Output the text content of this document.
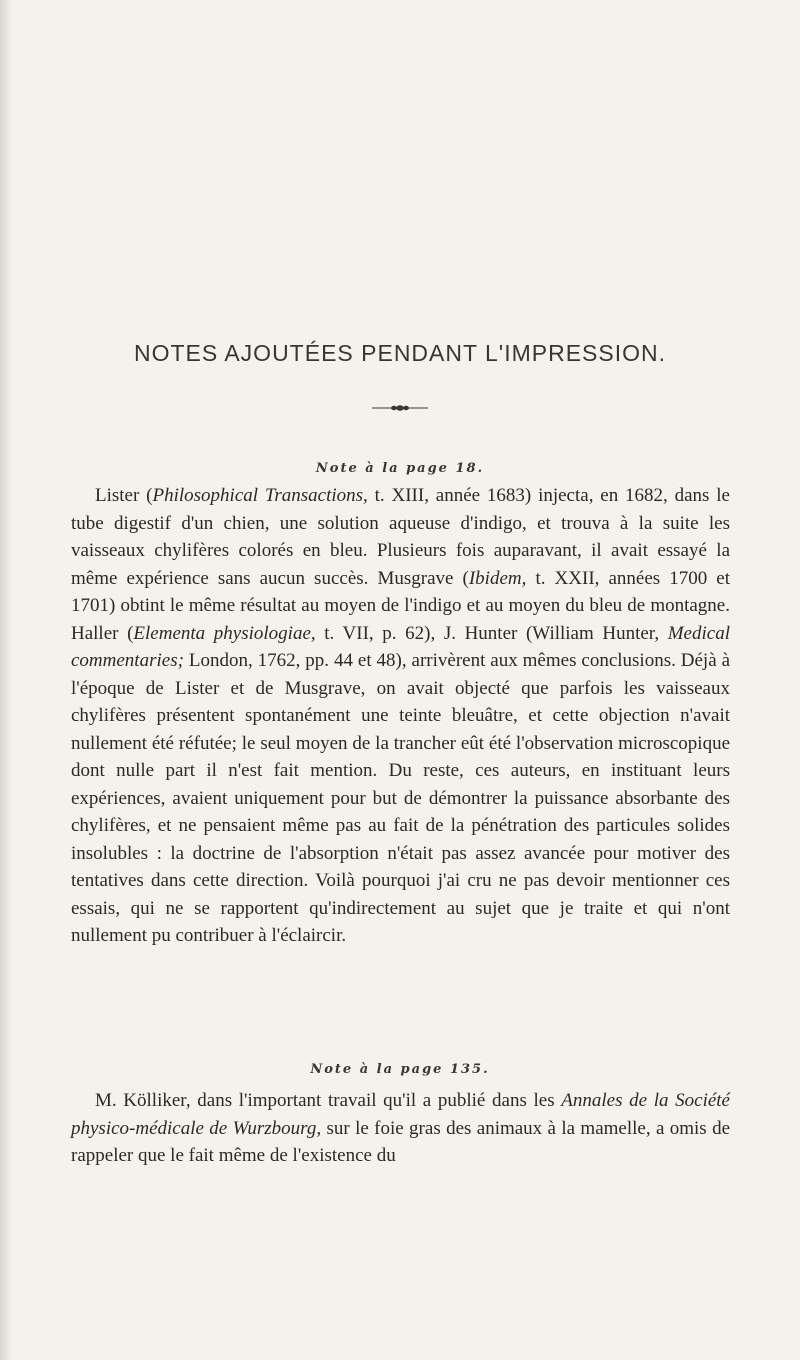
NOTES AJOUTÉES PENDANT L'IMPRESSION.
Note à la page 18.
Lister (Philosophical Transactions, t. XIII, année 1683) injecta, en 1682, dans le tube digestif d'un chien, une solution aqueuse d'indigo, et trouva à la suite les vaisseaux chylifères colorés en bleu. Plusieurs fois auparavant, il avait essayé la même expérience sans aucun succès. Musgrave (Ibidem, t. XXII, années 1700 et 1701) obtint le même résultat au moyen de l'indigo et au moyen du bleu de montagne. Haller (Elementa physiologiae, t. VII, p. 62), J. Hunter (William Hunter, Medical commentaries; London, 1762, pp. 44 et 48), arrivèrent aux mêmes conclusions. Déjà à l'époque de Lister et de Musgrave, on avait objecté que parfois les vaisseaux chylifères présentent spontanément une teinte bleuâtre, et cette objection n'avait nullement été réfutée; le seul moyen de la trancher eût été l'observation microscopique dont nulle part il n'est fait mention. Du reste, ces auteurs, en instituant leurs expériences, avaient uniquement pour but de démontrer la puissance absorbante des chylifères, et ne pensaient même pas au fait de la pénétration des particules solides insolubles : la doctrine de l'absorption n'était pas assez avancée pour motiver des tentatives dans cette direction. Voilà pourquoi j'ai cru ne pas devoir mentionner ces essais, qui ne se rapportent qu'indirectement au sujet que je traite et qui n'ont nullement pu contribuer à l'éclaircir.
Note à la page 135.
M. Kölliker, dans l'important travail qu'il a publié dans les Annales de la Société physico-médicale de Wurzbourg, sur le foie gras des animaux à la mamelle, a omis de rappeler que le fait même de l'existence du
